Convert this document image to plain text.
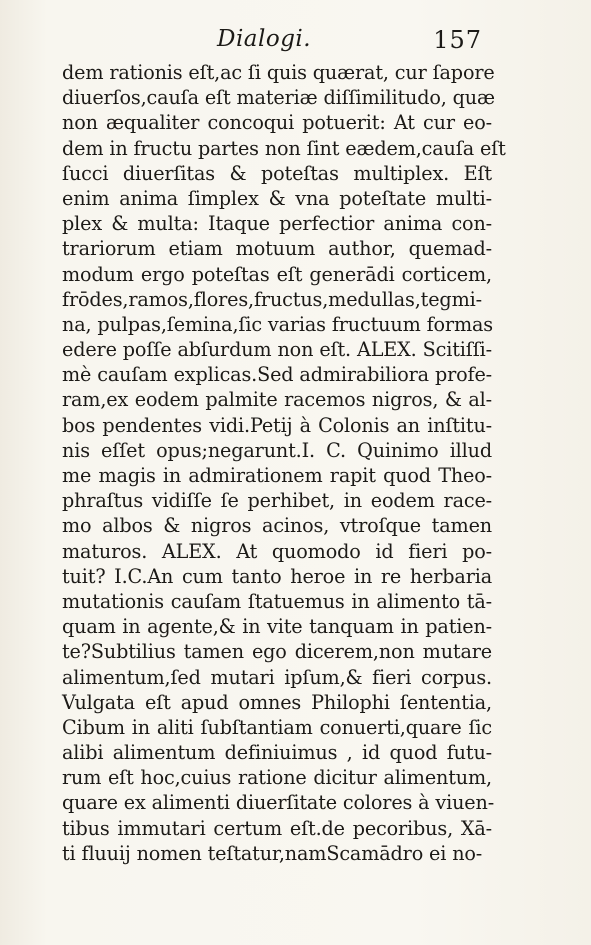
Dialogi.	157
dem rationis eſt,ac ſi quis quærat, cur ſapore
diuerſos,cauſa eſt materiæ diſſimilitudo, quæ
non æqualiter concoqui potuerit: At cur eo-
dem in fructu partes non ſint eædem,cauſa eſt
ſucci diuerſitas & poteſtas multiplex. Eſt
enim anima ſimplex & vna poteſtate multi-
plex & multa: Itaque perfectior anima con-
trariorum etiam motuum author, quemad-
modum ergo poteſtas eſt generādi corticem,
frōdes,ramos,flores,fructus,medullas,tegmi-
na, pulpas,ſemina,ſic varias fructuum formas
edere poſſe abſurdum non eſt. ALEX. Scitiſſi-
mè cauſam explicas.Sed admirabiliora profe-
ram,ex eodem palmite racemos nigros, & al-
bos pendentes vidi.Petij à Colonis an inſtitu-
nis eſſet opus;negarunt.I. C. Quinimo illud
me magis in admirationem rapit quod Theo-
phraſtus vidiſſe ſe perhibet, in eodem race-
mo albos & nigros acinos, vtroſque tamen
maturos. ALEX. At quomodo id fieri po-
tuit? I.C.An cum tanto heroe in re herbaria
mutationis cauſam ſtatuemus in alimento tā-
quam in agente,& in vite tanquam in patien-
te?Subtilius tamen ego dicerem,non mutare
alimentum,ſed mutari ipſum,& fieri corpus.
Vulgata eſt apud omnes Philophi ſententia,
Cibum in aliti ſubſtantiam conuerti,quare ſic
alibi alimentum definiuimus , id quod futu-
rum eſt hoc,cuius ratione dicitur alimentum,
quare ex alimenti diuerſitate colores à viuen-
tibus immutari certum eſt.de pecoribus, Xā-
ti fluuij nomen teſtatur,namScamādro ei no-
